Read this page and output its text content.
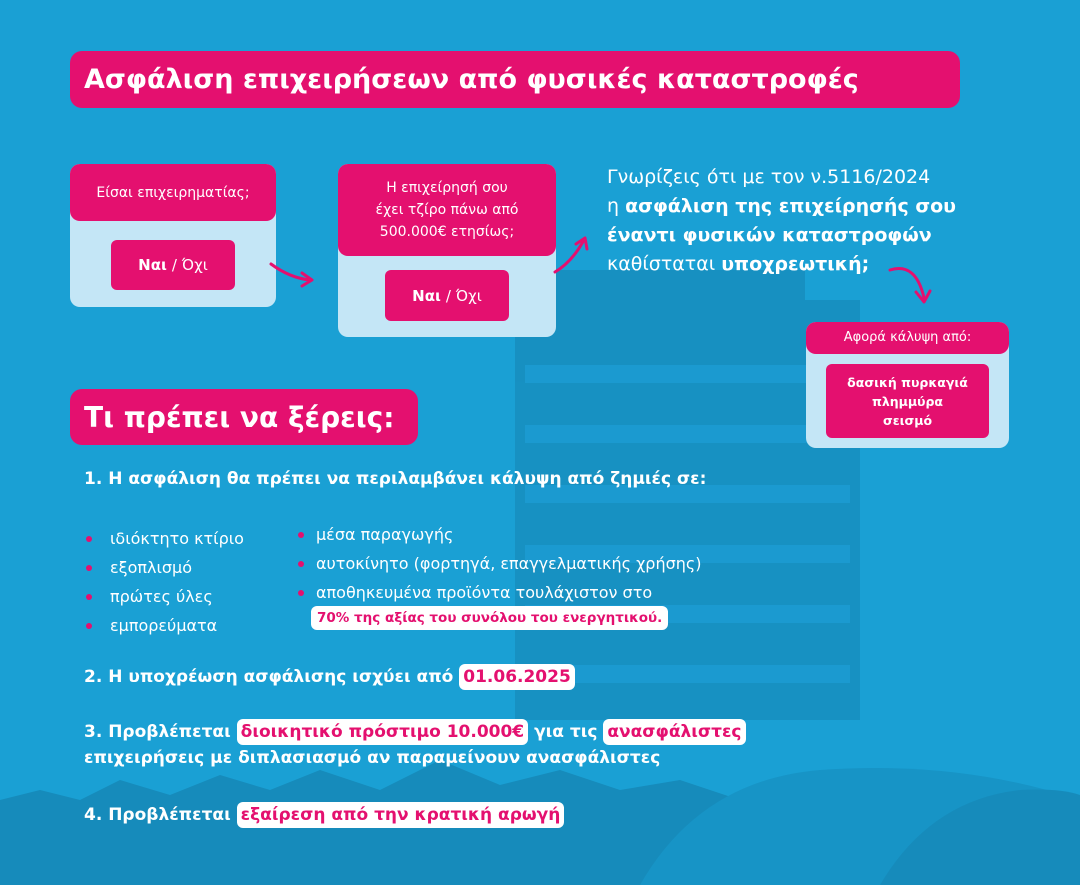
Ασφάλιση επιχειρήσεων από φυσικές καταστροφές
Είσαι επιχειρηματίας;
Ναι / Όχι
Η επιχείρησή σου
έχει τζίρο πάνω από
500.000€ ετησίως;
Ναι / Όχι
Γνωρίζεις ότι με τον ν.5116/2024
η ασφάλιση της επιχείρησής σου
έναντι φυσικών καταστροφών
καθίσταται υποχρεωτική;
Αφορά κάλυψη από:
δασική πυρκαγιά
πλημμύρα
σεισμό
Τι πρέπει να ξέρεις:
1. Η ασφάλιση θα πρέπει να περιλαμβάνει κάλυψη από ζημιές σε:
ιδιόκτητο κτίριο
εξοπλισμό
πρώτες ύλες
εμπορεύματα
μέσα παραγωγής
αυτοκίνητο (φορτηγά, επαγγελματικής χρήσης)
αποθηκευμένα προϊόντα τουλάχιστον στο
70% της αξίας του συνόλου του ενεργητικού.
2. Η υποχρέωση ασφάλισης ισχύει από 01.06.2025
3. Προβλέπεται διοικητικό πρόστιμο 10.000€ για τις ανασφάλιστες
επιχειρήσεις με διπλασιασμό αν παραμείνουν ανασφάλιστες
4. Προβλέπεται εξαίρεση από την κρατική αρωγή
